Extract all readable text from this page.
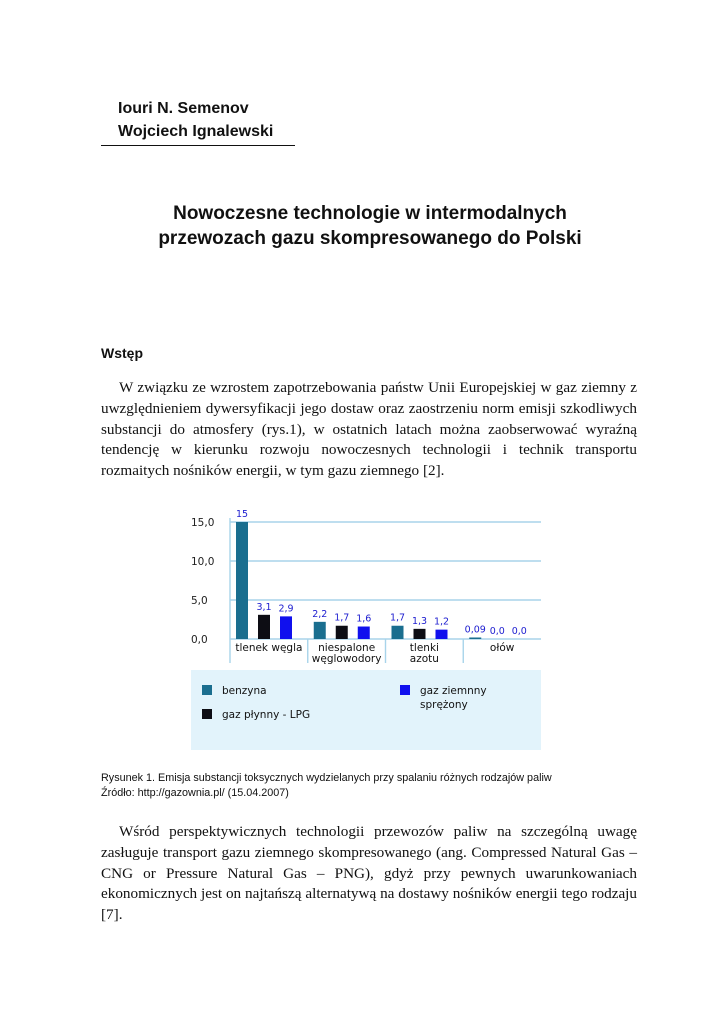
Iouri N. Semenov
Wojciech Ignalewski
Nowoczesne technologie w intermodalnych
przewozach gazu skompresowanego do Polski
Wstęp

W związku ze wzrostem zapotrzebowania państw Unii Europejskiej w gaz ziemny z uwzględnieniem dywersyfikacji jego dostaw oraz zaostrzeniu norm emisji szkodliwych substancji do atmosfery (rys.1), w ostatnich latach można zaobserwować wyraźną tendencję w kierunku rozwoju nowoczesnych technologii i technik transportu rozmaitych nośników energii, w tym gazu ziemnego [2].

0,0
5,0
10,0
15,0
15
3,1 2,9
tlenek węgla
2,2 1,7 1,6
niespalone
węglowodory
1,7 1,3 1,2
tlenki
azotu
0,09 0,0 0,0
ołów
benzyna
gaz płynny - LPG
gaz ziemnny
sprężony
Rysunek 1. Emisja substancji toksycznych wydzielanych przy spalaniu różnych rodzajów paliw
Źródło: http://gazownia.pl/ (15.04.2007)

Wśród perspektywicznych technologii przewozów paliw na szczególną uwagę zasługuje transport gazu ziemnego skompresowanego (ang. Compressed Natural Gas – CNG or Pressure Natural Gas – PNG), gdyż przy pewnych uwarunkowaniach ekonomicznych jest on najtańszą alternatywą na dostawy nośników energii tego rodzaju [7].
